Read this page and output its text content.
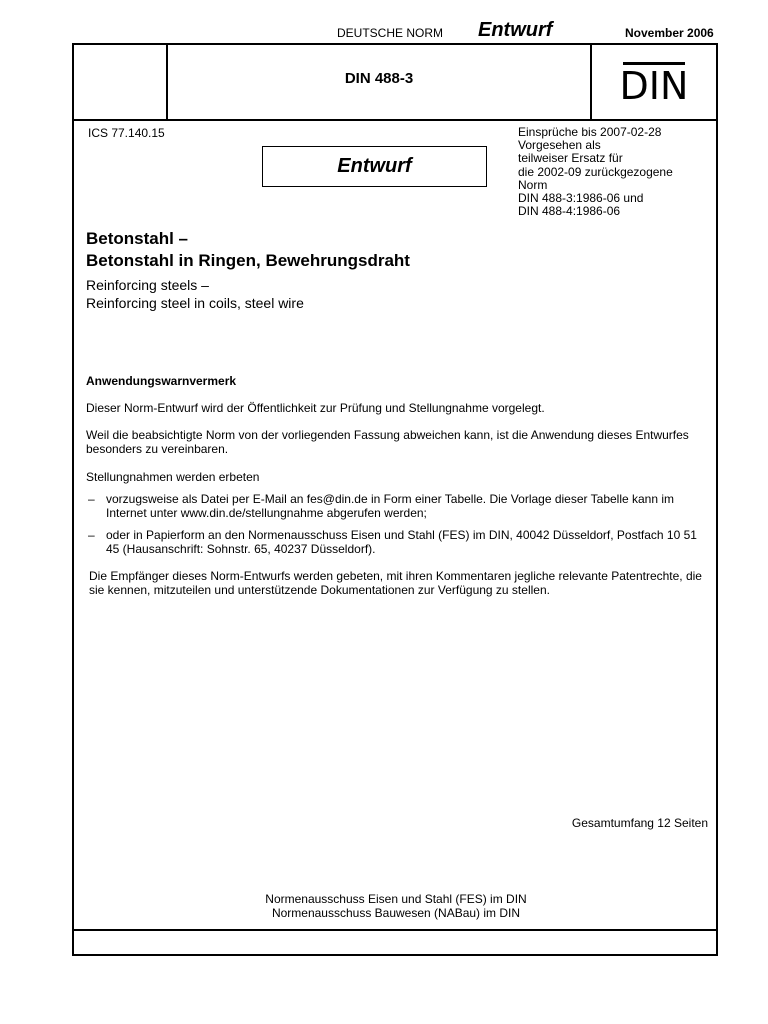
DEUTSCHE NORM Entwurf	November 2006
DIN 488-3	DIN
ICS 77.140.15
Entwurf
Einsprüche bis 2007-02-28
Vorgesehen als
teilweiser Ersatz für
die 2002-09 zurückgezogene
Norm
DIN 488-3:1986-06 und
DIN 488-4:1986-06
Betonstahl –
Betonstahl in Ringen, Bewehrungsdraht
Reinforcing steels –
Reinforcing steel in coils, steel wire
Anwendungswarnvermerk
Dieser Norm-Entwurf wird der Öffentlichkeit zur Prüfung und Stellungnahme vorgelegt.
Weil die beabsichtigte Norm von der vorliegenden Fassung abweichen kann, ist die Anwendung dieses Entwurfes besonders zu vereinbaren.
Stellungnahmen werden erbeten
– vorzugsweise als Datei per E-Mail an fes@din.de in Form einer Tabelle. Die Vorlage dieser Tabelle kann im Internet unter www.din.de/stellungnahme abgerufen werden;
– oder in Papierform an den Normenausschuss Eisen und Stahl (FES) im DIN, 40042 Düsseldorf, Postfach 10 51 45 (Hausanschrift: Sohnstr. 65, 40237 Düsseldorf).
Die Empfänger dieses Norm-Entwurfs werden gebeten, mit ihren Kommentaren jegliche relevante Patentrechte, die sie kennen, mitzuteilen und unterstützende Dokumentationen zur Verfügung zu stellen.
Gesamtumfang 12 Seiten
Normenausschuss Eisen und Stahl (FES) im DIN
Normenausschuss Bauwesen (NABau) im DIN
